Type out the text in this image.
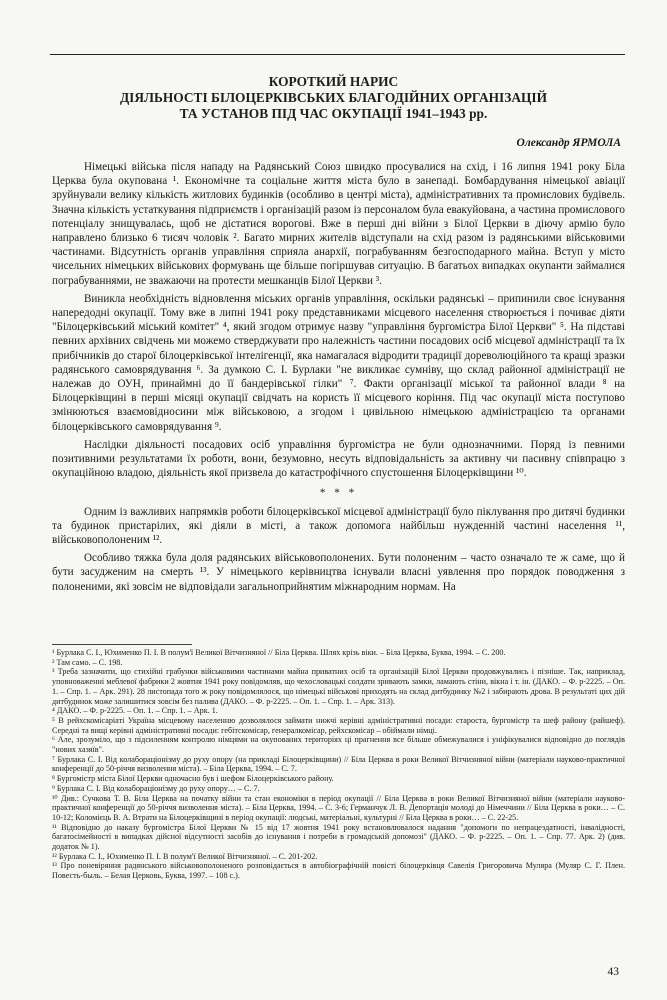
КОРОТКИЙ НАРИС
ДІЯЛЬНОСТІ БІЛОЦЕРКІВСЬКИХ БЛАГОДІЙНИХ ОРГАНІЗАЦІЙ
ТА УСТАНОВ ПІД ЧАС ОКУПАЦІЇ 1941–1943 рр.
Олександр ЯРМОЛА

Німецькі війська після нападу на Радянський Союз швидко просувалися на схід, і 16 липня 1941 року Біла Церква була окупована ¹. Економічне та соціальне життя міста було в занепаді. Бомбардування німецької авіації зруйнували велику кількість житлових будинків (особливо в центрі міста), адміністративних та промислових будівель. Значна кількість устаткування підприємств і організацій разом із персоналом була евакуйована, а частина промислового потенціалу знищувалась, щоб не дістатися ворогові. Вже в перші дні війни з Білої Церкви в діючу армію було направлено близько 6 тисяч чоловік ². Багато мирних жителів відступали на схід разом із радянськими військовими частинами. Відсутність органів управління сприяла анархії, пограбуванням безгосподарного майна. Вступ у місто чисельних німецьких військових формувань ще більше погіршував ситуацію. В багатьох випадках окупанти займалися пограбуваннями, не зважаючи на протести мешканців Білої Церкви ³.

Виникла необхідність відновлення міських органів управління, оскільки радянські – припинили своє існування напередодні окупації. Тому вже в липні 1941 року представниками місцевого населення створюється і почиває діяти "Білоцерківський міський комітет" ⁴, який згодом отримує назву "управління бургомістра Білої Церкви" ⁵. На підставі певних архівних свідчень ми можемо стверджувати про належність частини посадових осіб місцевої адміністрації та їх прибічників до старої білоцерківської інтелігенції, яка намагалася відродити традиції дореволюційного та кращі зразки радянського самоврядування ⁶. За думкою С. І. Бурлаки "не викликає сумніву, що склад районної адміністрації не належав до ОУН, принаймні до її бандерівської гілки" ⁷. Факти організації міської та районної влади ⁸ на Білоцерківщині в перші місяці окупації свідчать на користь її місцевого коріння. Під час окупації міста поступово змінюються взаємовідносини між військовою, а згодом і цивільною німецькою адміністрацією та органами білоцерківського самоврядування ⁹.

Наслідки діяльності посадових осіб управління бургомістра не були однозначними. Поряд із певними позитивними результатами їх роботи, вони, безумовно, несуть відповідальність за активну чи пасивну співпрацю з окупаційною владою, діяльність якої призвела до катастрофічного спустошення Білоцерківщини ¹⁰.

* * *

Одним із важливих напрямків роботи білоцерківської місцевої адміністрації було піклування про дитячі будинки та будинок пристарілих, які діяли в місті, а також допомога найбільш нужденній частині населення ¹¹, військовополоненим ¹².

Особливо тяжка була доля радянських військовополонених. Бути полоненим – часто означало те ж саме, що й бути засудженим на смерть ¹³. У німецького керівництва існували власні уявлення про порядок поводження з полоненими, які зовсім не відповідали загальноприйнятим міжнародним нормам. На

¹ Бурлака С. І., Юхименко П. І. В полум'ї Великої Вітчизняної // Біла Церква. Шлях крізь віки. – Біла Церква, Буква, 1994. – С. 200.

² Там само. – С. 198.

³ Треба зазначити, що стихійні грабунки військовими частинами майна приватних осіб та організацій Білої Церкви продовжувались і пізніше. Так, наприклад, уповноваженні меблевої фабрики 2 жовтня 1941 року повідомляв, що чехословацькі солдати зривають замки, ламають стіни, вікна і т. ін. (ДАКО. – Ф. р-2225. – Оп. 1. – Спр. 1. – Арк. 291). 28 листопада того ж року повідомлялося, що німецькі військові приходять на склад дитбудинку №2 і забирають дрова. В результаті цих дій дитбудинок може залишитися зовсім без палива (ДАКО. – Ф. р-2225. – Оп. 1. – Спр. 1. – Арк. 313).

⁴ ДАКО. – Ф. р-2225. – Оп. 1. – Спр. 1. – Арк. 1.

⁵ В рейхскомісаріаті Україна місцевому населенню дозволялося займати нижчі керівні адміністративні посади: староста, бургомістр та шеф району (райшеф). Середні та вищі керівні адміністративні посади: гебітскомісар, генералкомісар, рейхскомісар – обіймали німці.

⁶ Але, зрозуміло, що з підсиленням контролю німцями на окупованих територіях ці прагнення все більше обмежувалися і уніфікувалися відповідно до поглядів "нових хазяїв".

⁷ Бурлака С. І. Від колабораціонізму до руху опору (на прикладі Білоцерківщини) // Біла Церква в роки Великої Вітчизняної війни (матеріали науково-практичної конференції до 50-річчя визволення міста). – Біла Церква, 1994. – С. 7.

⁸ Бургомістр міста Білої Церкви одночасно був і шефом Білоцерківського району.

⁹ Бурлака С. І. Від колабораціонізму до руху опору… – С. 7.

¹⁰ Див.: Сучкова Т. В. Біла Церква на початку війни та стан економіки в період окупації // Біла Церква в роки Великої Вітчизняної війни (матеріали науково-практичної конференції до 50-річчя визволення міста). – Біла Церква, 1994. – С. 3-6; Германчук Л. В. Депортація молоді до Німеччини // Біла Церква в роки… – С. 10-12; Коломієць В. А. Втрати на Білоцерківщині в період окупації: людські, матеріальні, культурні // Біла Церква в роки… – С. 22-25.

¹¹ Відповідно до наказу бургомістра Білої Церкви № 15 від 17 жовтня 1941 року встановлювалося надання "допомоги по непрацездатності, інвалідності, багатосімейності в випадках дійсної відсутності засобів до існування і потреби в громадській допомозі" (ДАКО. – Ф. р-2225. – Оп. 1. – Спр. 77. Арк. 2) (див. додаток № 1).

¹² Бурлака С. І., Юхименко П. І. В полум'ї Великої Вітчизняної. – С. 201-202.

¹³ Про поневіряння радянського військовополоненого розповідається в автобіографічній повісті білоцерківця Савелія Григоровича Муляра (Муляр С. Г. Плен. Повесть-быль. – Белая Церковь, Буква, 1997. – 108 с.).

43
